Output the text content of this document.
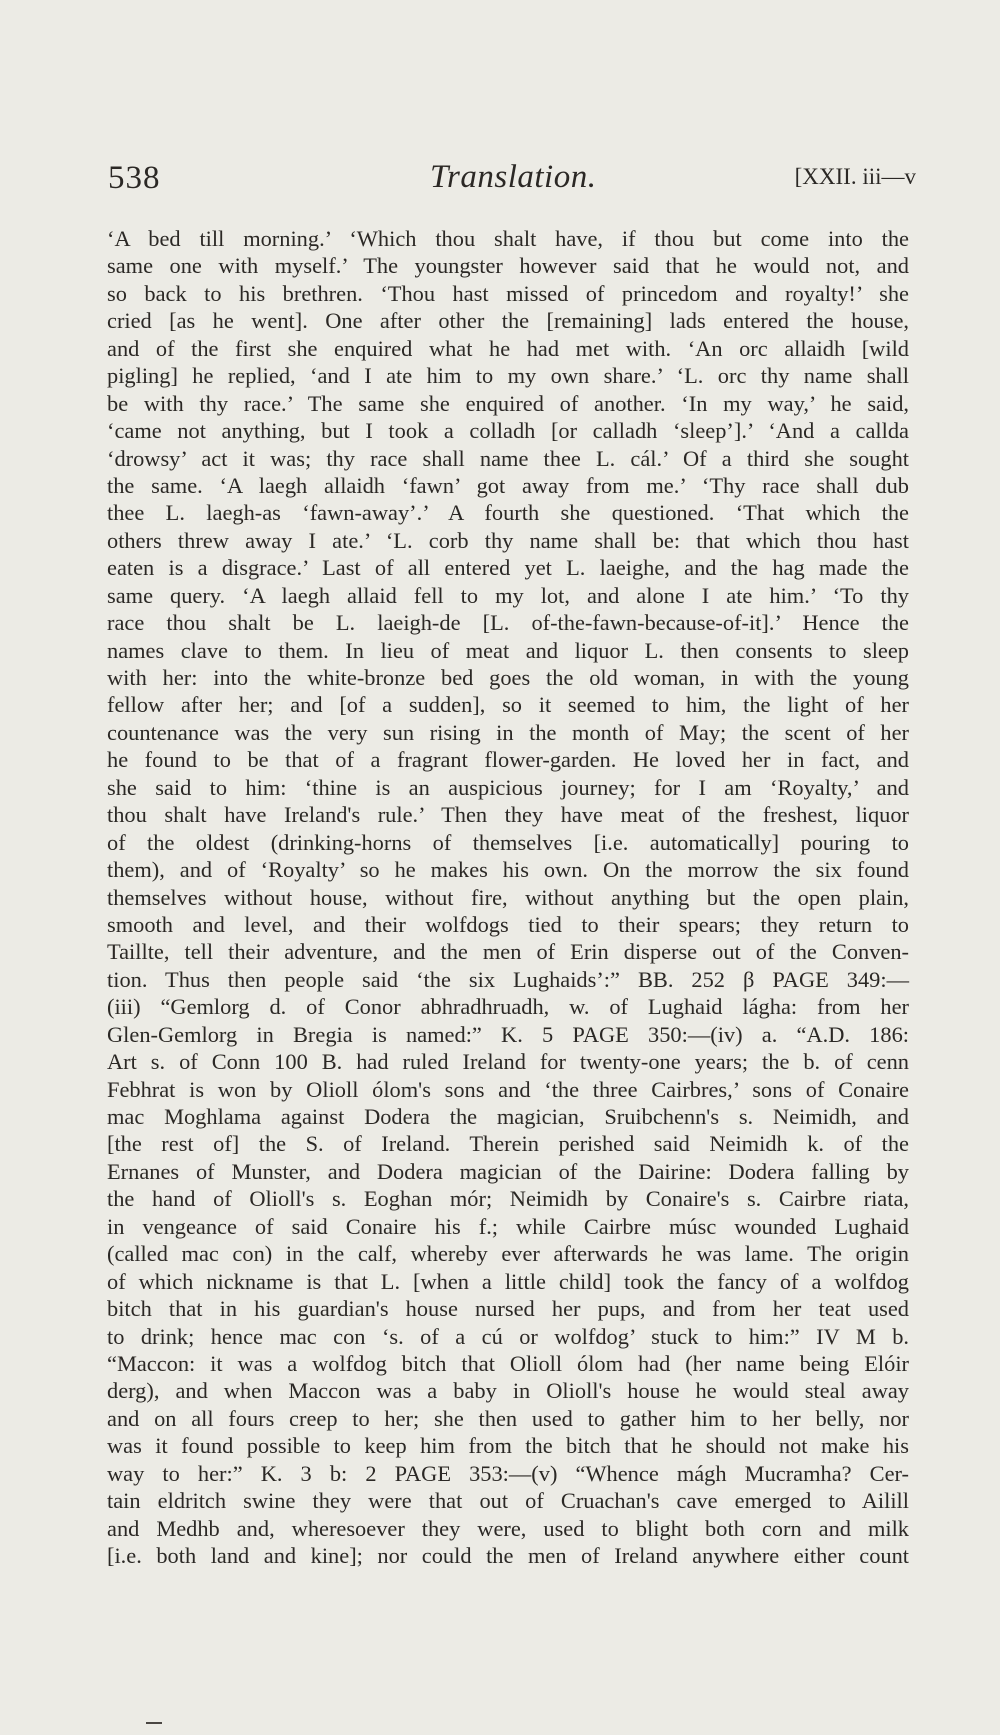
538	Translation.	[XXII. iii—v
‘A bed till morning.’ ‘Which thou shalt have, if thou but come into the
same one with myself.’ The youngster however said that he would not, and
so back to his brethren. ‘Thou hast missed of princedom and royalty!’ she
cried [as he went]. One after other the [remaining] lads entered the house,
and of the first she enquired what he had met with. ‘An orc allaidh [wild
pigling] he replied, ‘and I ate him to my own share.’ ‘L. orc thy name shall
be with thy race.’ The same she enquired of another. ‘In my way,’ he said,
‘came not anything, but I took a colladh [or calladh ‘sleep’].’ ‘And a callda
‘drowsy’ act it was; thy race shall name thee L. cál.’ Of a third she sought
the same. ‘A laegh allaidh ‘fawn’ got away from me.’ ‘Thy race shall dub
thee L. laegh-as ‘fawn-away’.’ A fourth she questioned. ‘That which the
others threw away I ate.’ ‘L. corb thy name shall be: that which thou hast
eaten is a disgrace.’ Last of all entered yet L. laeighe, and the hag made the
same query. ‘A laegh allaid fell to my lot, and alone I ate him.’ ‘To thy
race thou shalt be L. laeigh-de [L. of-the-fawn-because-of-it].’ Hence the
names clave to them. In lieu of meat and liquor L. then consents to sleep
with her: into the white-bronze bed goes the old woman, in with the young
fellow after her; and [of a sudden], so it seemed to him, the light of her
countenance was the very sun rising in the month of May; the scent of her
he found to be that of a fragrant flower-garden. He loved her in fact, and
she said to him: ‘thine is an auspicious journey; for I am ‘Royalty,’ and
thou shalt have Ireland's rule.’ Then they have meat of the freshest, liquor
of the oldest (drinking-horns of themselves [i.e. automatically] pouring to
them), and of ‘Royalty’ so he makes his own. On the morrow the six found
themselves without house, without fire, without anything but the open plain,
smooth and level, and their wolfdogs tied to their spears; they return to
Taillte, tell their adventure, and the men of Erin disperse out of the Conven-
tion. Thus then people said ‘the six Lughaids’:” BB. 252 β PAGE 349:—
(iii) “Gemlorg d. of Conor abhradhruadh, w. of Lughaid lágha: from her
Glen-Gemlorg in Bregia is named:” K. 5 PAGE 350:—(iv) a. “A.D. 186:
Art s. of Conn 100 B. had ruled Ireland for twenty-one years; the b. of cenn
Febhrat is won by Olioll ólom's sons and ‘the three Cairbres,’ sons of Conaire
mac Moghlama against Dodera the magician, Sruibchenn's s. Neimidh, and
[the rest of] the S. of Ireland. Therein perished said Neimidh k. of the
Ernanes of Munster, and Dodera magician of the Dairine: Dodera falling by
the hand of Olioll's s. Eoghan mór; Neimidh by Conaire's s. Cairbre riata,
in vengeance of said Conaire his f.; while Cairbre músc wounded Lughaid
(called mac con) in the calf, whereby ever afterwards he was lame. The origin
of which nickname is that L. [when a little child] took the fancy of a wolfdog
bitch that in his guardian's house nursed her pups, and from her teat used
to drink; hence mac con ‘s. of a cú or wolfdog’ stuck to him:” IV M b.
“Maccon: it was a wolfdog bitch that Olioll ólom had (her name being Elóir
derg), and when Maccon was a baby in Olioll's house he would steal away
and on all fours creep to her; she then used to gather him to her belly, nor
was it found possible to keep him from the bitch that he should not make his
way to her:” K. 3 b: 2 PAGE 353:—(v) “Whence mágh Mucramha? Cer-
tain eldritch swine they were that out of Cruachan's cave emerged to Ailill
and Medhb and, wheresoever they were, used to blight both corn and milk
[i.e. both land and kine]; nor could the men of Ireland anywhere either count
